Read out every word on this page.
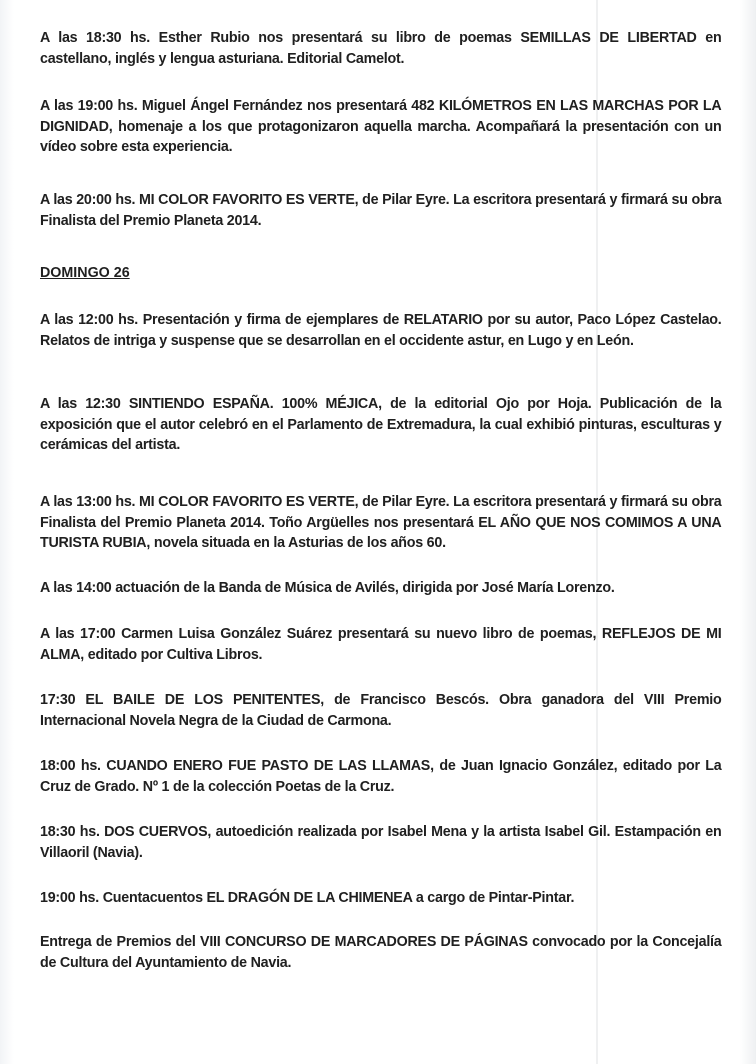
A las 18:30 hs. Esther Rubio nos presentará su libro de poemas SEMILLAS DE LIBERTAD en castellano, inglés y lengua asturiana. Editorial Camelot.

A las 19:00 hs. Miguel Ángel Fernández nos presentará 482 KILÓMETROS EN LAS MARCHAS POR LA DIGNIDAD, homenaje a los que protagonizaron aquella marcha. Acompañará la presentación con un vídeo sobre esta experiencia.

A las 20:00 hs. MI COLOR FAVORITO ES VERTE, de Pilar Eyre. La escritora presentará y firmará su obra Finalista del Premio Planeta 2014.

DOMINGO 26

A las 12:00 hs. Presentación y firma de ejemplares de RELATARIO por su autor, Paco López Castelao. Relatos de intriga y suspense que se desarrollan en el occidente astur, en Lugo y en León.

A las 12:30 SINTIENDO ESPAÑA. 100% MÉJICA, de la editorial Ojo por Hoja. Publicación de la exposición que el autor celebró en el Parlamento de Extremadura, la cual exhibió pinturas, esculturas y cerámicas del artista.

A las 13:00 hs. MI COLOR FAVORITO ES VERTE, de Pilar Eyre. La escritora presentará y firmará su obra Finalista del Premio Planeta 2014. Toño Argüelles nos presentará EL AÑO QUE NOS COMIMOS A UNA TURISTA RUBIA, novela situada en la Asturias de los años 60.

A las 14:00 actuación de la Banda de Música de Avilés, dirigida por José María Lorenzo.

A las 17:00 Carmen Luisa González Suárez presentará su nuevo libro de poemas, REFLEJOS DE MI ALMA, editado por Cultiva Libros.

17:30 EL BAILE DE LOS PENITENTES, de Francisco Bescós. Obra ganadora del VIII Premio Internacional Novela Negra de la Ciudad de Carmona.

18:00 hs. CUANDO ENERO FUE PASTO DE LAS LLAMAS, de Juan Ignacio González, editado por La Cruz de Grado. Nº 1 de la colección Poetas de la Cruz.

18:30 hs. DOS CUERVOS, autoedición realizada por Isabel Mena y la artista Isabel Gil. Estampación en Villaoril (Navia).

19:00 hs. Cuentacuentos EL DRAGÓN DE LA CHIMENEA a cargo de Pintar-Pintar.

Entrega de Premios del VIII CONCURSO DE MARCADORES DE PÁGINAS convocado por la Concejalía de Cultura del Ayuntamiento de Navia.
